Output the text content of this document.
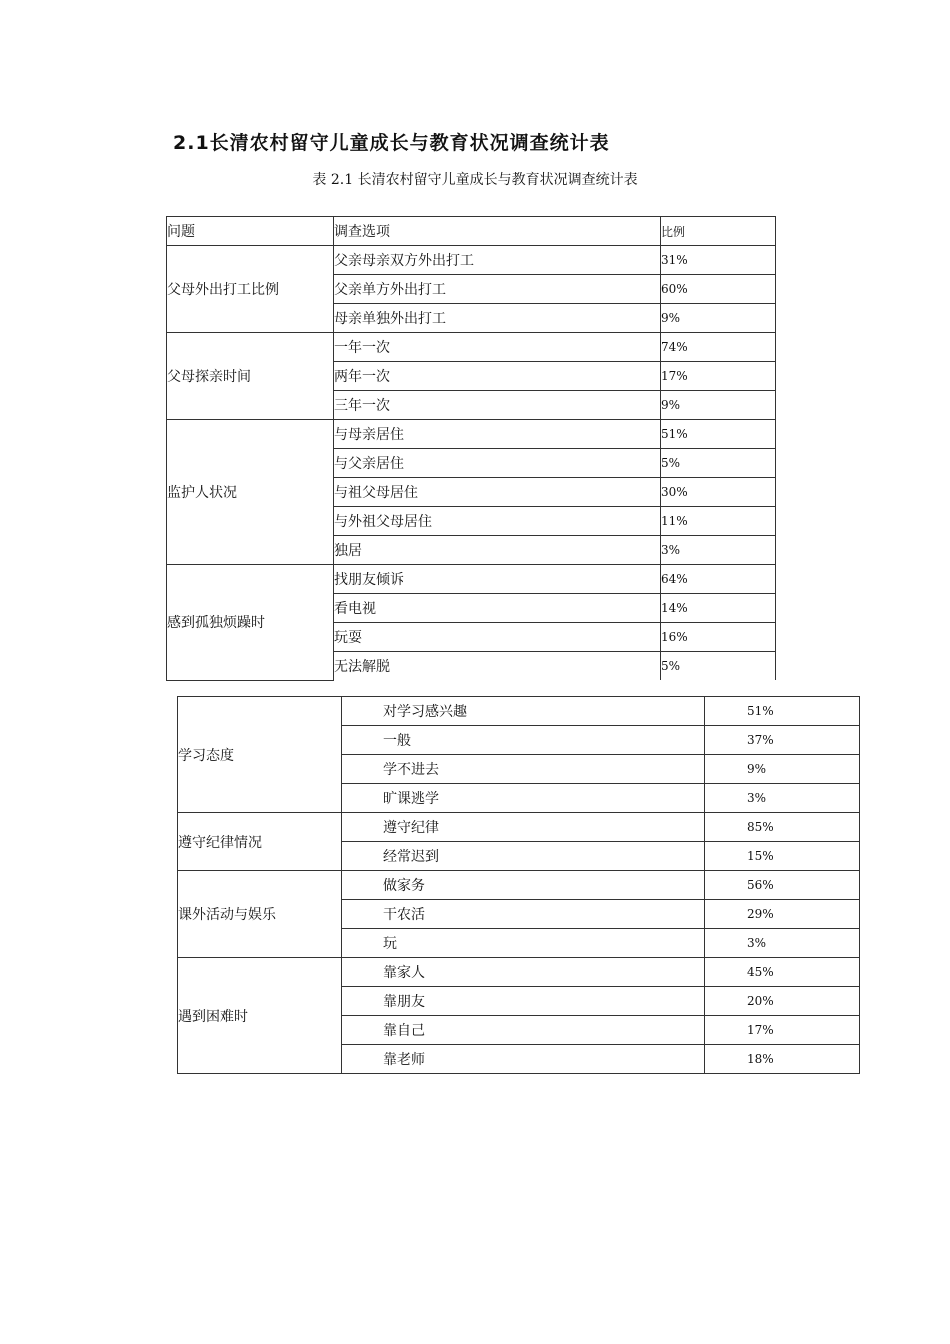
2.1长清农村留守儿童成长与教育状况调查统计表
表 2.1 长清农村留守儿童成长与教育状况调查统计表
问题	调查选项	比例
父母外出打工比例	父亲母亲双方外出打工	31%
	父亲单方外出打工	60%
	母亲单独外出打工	9%
父母探亲时间	一年一次	74%
	两年一次	17%
	三年一次	9%
监护人状况	与母亲居住	51%
	与父亲居住	5%
	与祖父母居住	30%
	与外祖父母居住	11%
	独居	3%
感到孤独烦躁时	找朋友倾诉	64%
	看电视	14%
	玩耍	16%
	无法解脱	5%
学习态度	对学习感兴趣	51%
	一般	37%
	学不进去	9%
	旷课逃学	3%
遵守纪律情况	遵守纪律	85%
	经常迟到	15%
课外活动与娱乐	做家务	56%
	干农活	29%
	玩	3%
遇到困难时	靠家人	45%
	靠朋友	20%
	靠自己	17%
	靠老师	18%
